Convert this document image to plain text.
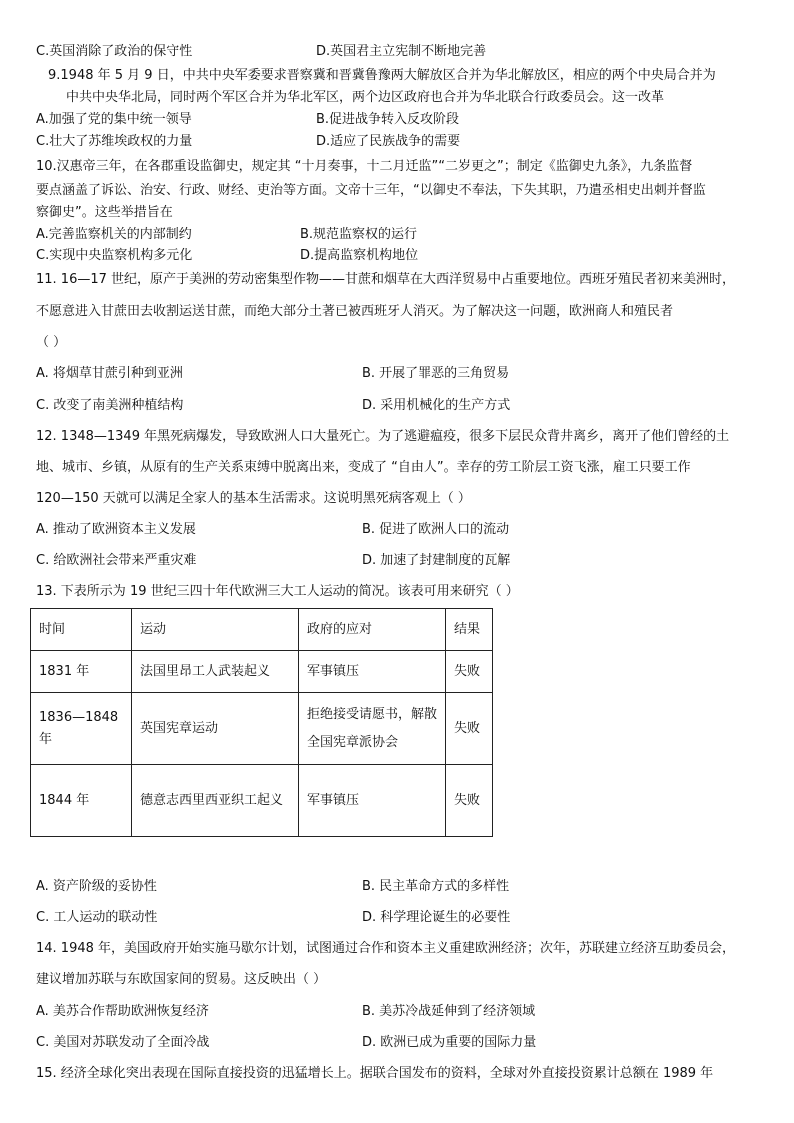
C.英国消除了政治的保守性	D.英国君主立宪制不断地完善
9.1948 年 5 月 9 日，中共中央军委要求晋察冀和晋冀鲁豫两大解放区合并为华北解放区，相应的两个中央局合并为
中共中央华北局，同时两个军区合并为华北军区，两个边区政府也合并为华北联合行政委员会。这一改革
A.加强了党的集中统一领导	B.促进战争转入反攻阶段
C.壮大了苏维埃政权的力量	D.适应了民族战争的需要
10.汉惠帝三年，在各郡重设监御史，规定其 “十月奏事，十二月迁监”“二岁更之”；制定《监御史九条》，九条监督
要点涵盖了诉讼、治安、行政、财经、吏治等方面。文帝十三年，“以御史不奉法，下失其职，乃遣丞相史出刺并督监
察御史”。这些举措旨在
A.完善监察机关的内部制约	B.规范监察权的运行
C.实现中央监察机构多元化	D.提高监察机构地位
11. 16—17 世纪，原产于美洲的劳动密集型作物——甘蔗和烟草在大西洋贸易中占重要地位。西班牙殖民者初来美洲时，
不愿意进入甘蔗田去收割运送甘蔗，而绝大部分土著已被西班牙人消灭。为了解决这一问题，欧洲商人和殖民者
（ ）
A. 将烟草甘蔗引种到亚洲	B. 开展了罪恶的三角贸易
C. 改变了南美洲种植结构	D. 采用机械化的生产方式
12. 1348—1349 年黑死病爆发，导致欧洲人口大量死亡。为了逃避瘟疫，很多下层民众背井离乡，离开了他们曾经的土
地、城市、乡镇，从原有的生产关系束缚中脱离出来，变成了 “自由人”。幸存的劳工阶层工资飞涨，雇工只要工作
120—150 天就可以满足全家人的基本生活需求。这说明黑死病客观上（ ）
A. 推动了欧洲资本主义发展	B. 促进了欧洲人口的流动
C. 给欧洲社会带来严重灾难	D. 加速了封建制度的瓦解
13. 下表所示为 19 世纪三四十年代欧洲三大工人运动的简况。该表可用来研究（ ）
时间	运动	政府的应对	结果
1831 年	法国里昂工人武装起义	军事镇压	失败
1836—1848 年	英国宪章运动	拒绝接受请愿书，解散全国宪章派协会	失败
1844 年	德意志西里西亚织工起义	军事镇压	失败
A. 资产阶级的妥协性	B. 民主革命方式的多样性
C. 工人运动的联动性	D. 科学理论诞生的必要性
14. 1948 年，美国政府开始实施马歇尔计划，试图通过合作和资本主义重建欧洲经济；次年，苏联建立经济互助委员会，
建议增加苏联与东欧国家间的贸易。这反映出（ ）
A. 美苏合作帮助欧洲恢复经济	B. 美苏冷战延伸到了经济领域
C. 美国对苏联发动了全面冷战	D. 欧洲已成为重要的国际力量
15. 经济全球化突出表现在国际直接投资的迅猛增长上。据联合国发布的资料，全球对外直接投资累计总额在 1989 年
